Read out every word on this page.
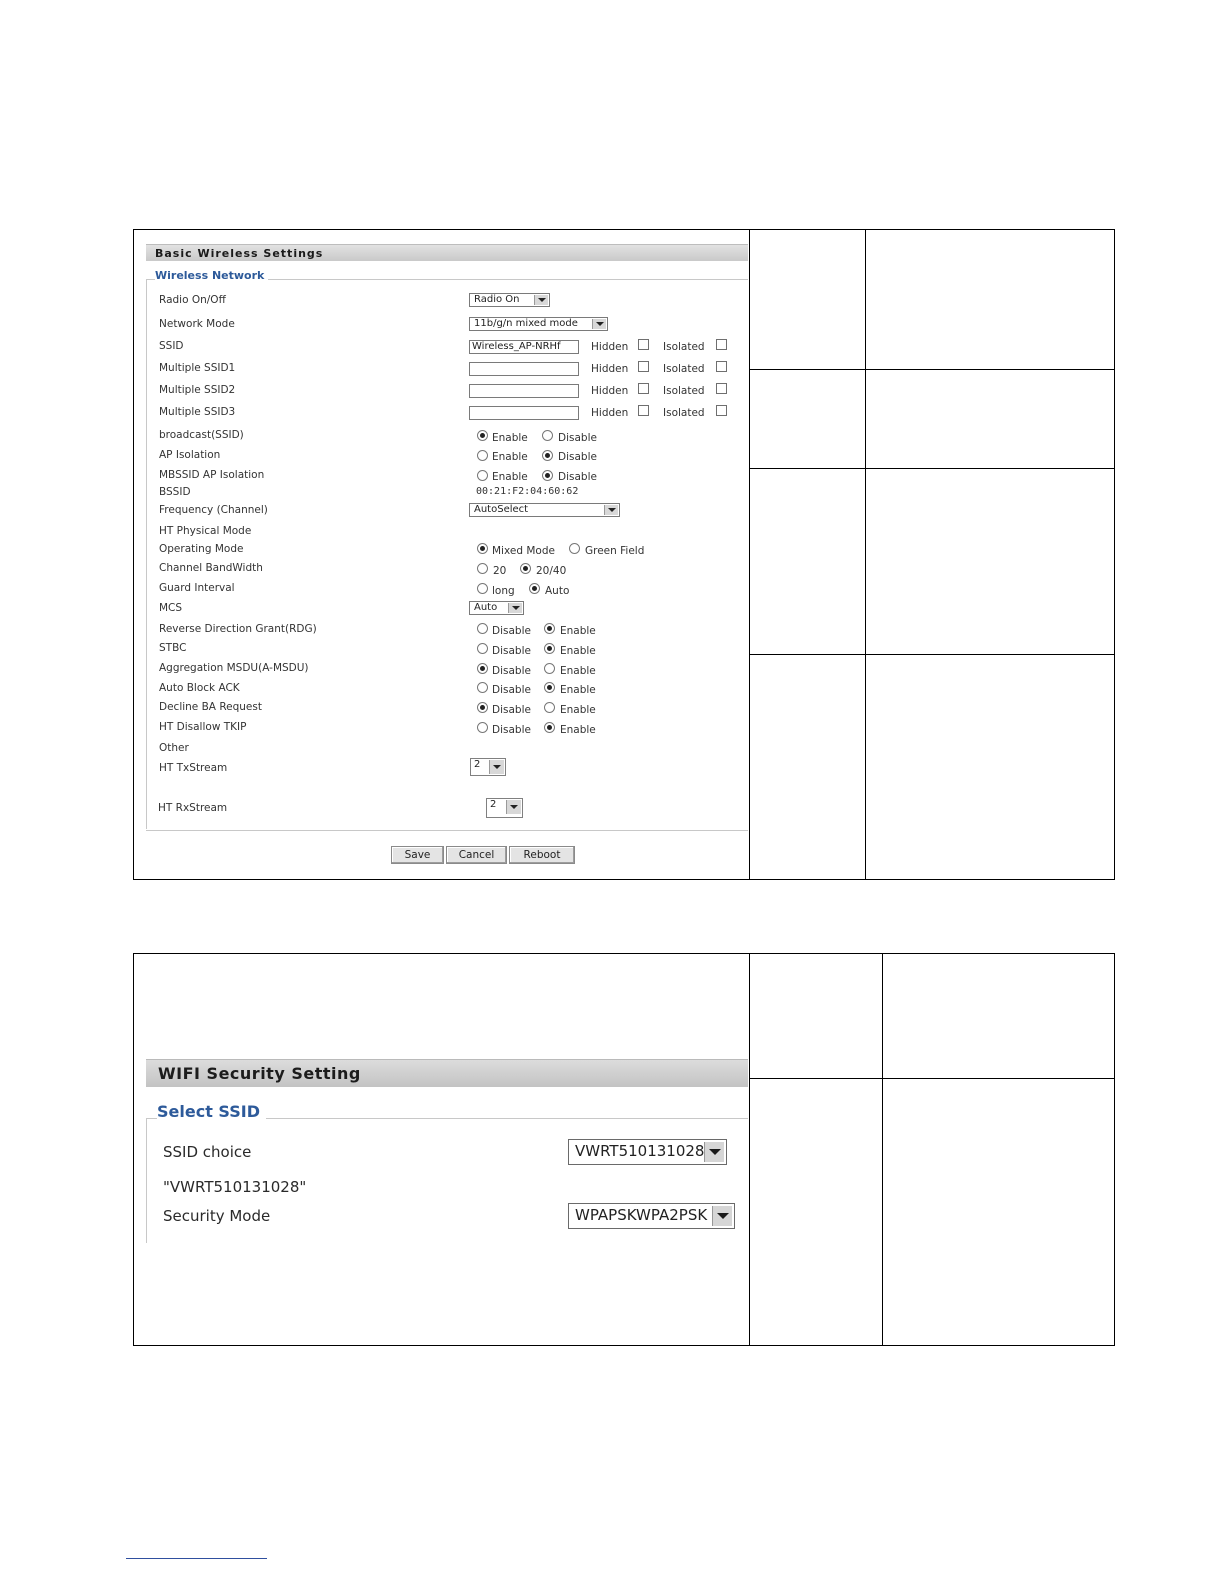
Basic Wireless Settings
Wireless Network
Radio On/Off	Radio On
Network Mode	11b/g/n mixed mode
SSID	Wireless_AP-NRHf	Hidden	Isolated
Multiple SSID1	Hidden	Isolated
Multiple SSID2	Hidden	Isolated
Multiple SSID3	Hidden	Isolated
broadcast(SSID)	Enable	Disable
AP Isolation	Enable	Disable
MBSSID AP Isolation	Enable	Disable
BSSID	00:21:F2:04:60:62
Frequency (Channel)	AutoSelect
HT Physical Mode
Operating Mode	Mixed Mode	Green Field
Channel BandWidth	20	20/40
Guard Interval	long	Auto
MCS	Auto
Reverse Direction Grant(RDG)	Disable	Enable
STBC	Disable	Enable
Aggregation MSDU(A-MSDU)	Disable	Enable
Auto Block ACK	Disable	Enable
Decline BA Request	Disable	Enable
HT Disallow TKIP	Disable	Enable
Other
HT TxStream	2
HT RxStream	2
Save	Cancel	Reboot
WIFI Security Setting
Select SSID
SSID choice	VWRT510131028
"VWRT510131028"
Security Mode	WPAPSKWPA2PSK
